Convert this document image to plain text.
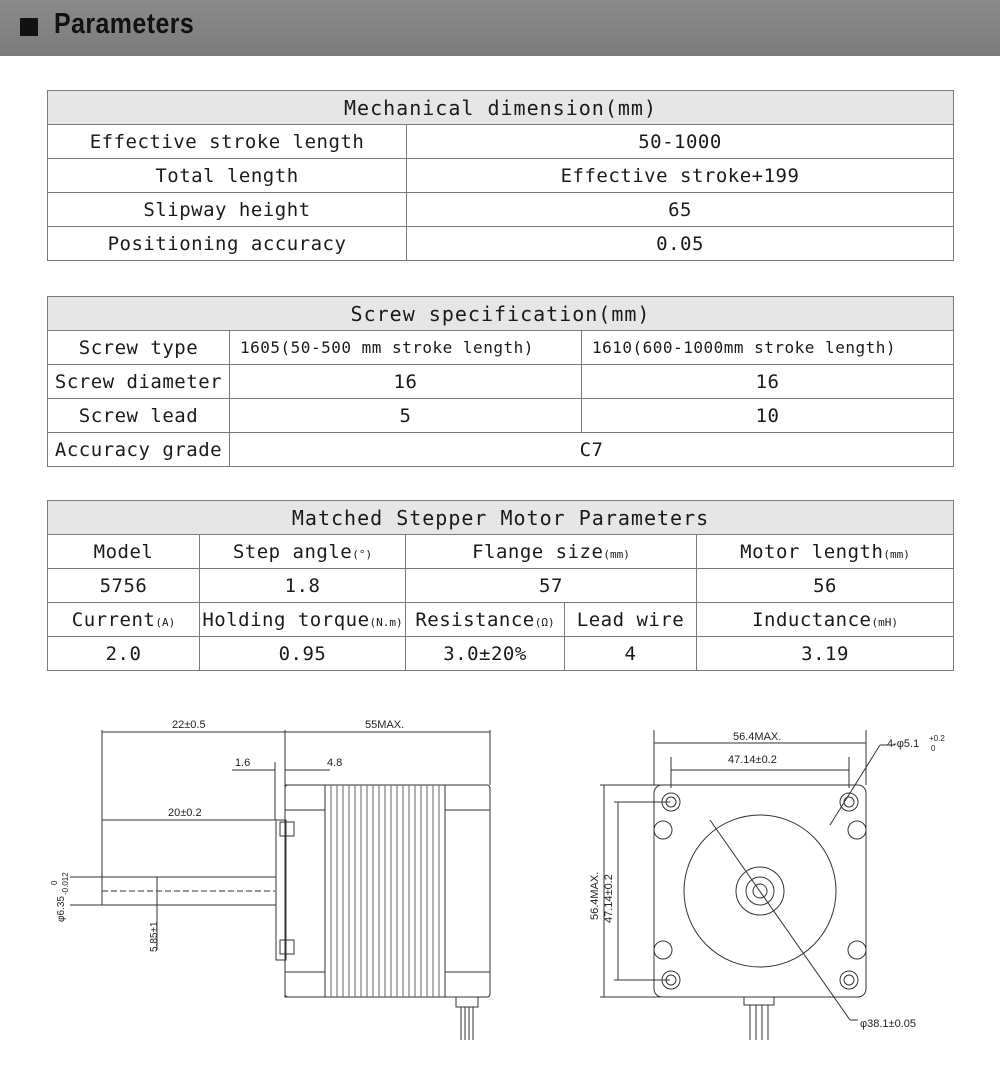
Parameters
Mechanical dimension(mm)	
Effective stroke length	50-1000
Total length	Effective stroke+199
Slipway height	65
Positioning accuracy	0.05
Screw specification(mm)		
Screw type	1605(50-500 mm stroke length)	1610(600-1000mm stroke length)
Screw diameter	16	16
Screw lead	5	10
Accuracy grade	C7	
Matched Stepper Motor Parameters				
Model	Step angle(°)	Flange size(mm)		Motor length(mm)
5756	1.8	57		56
Current(A)	Holding torque(N.m)	Resistance(Ω)	Lead wire	Inductance(mH)
2.0	0.95	3.0±20%	4	3.19
22±0.5	55MAX.
1.6	4.8
20±0.2
φ6.35
0 -0.012
5.85±1
56.4MAX.
47.14±0.2
4-φ5.1 +0.2
0
56.4MAX. 47.14±0.2
φ38.1±0.05
